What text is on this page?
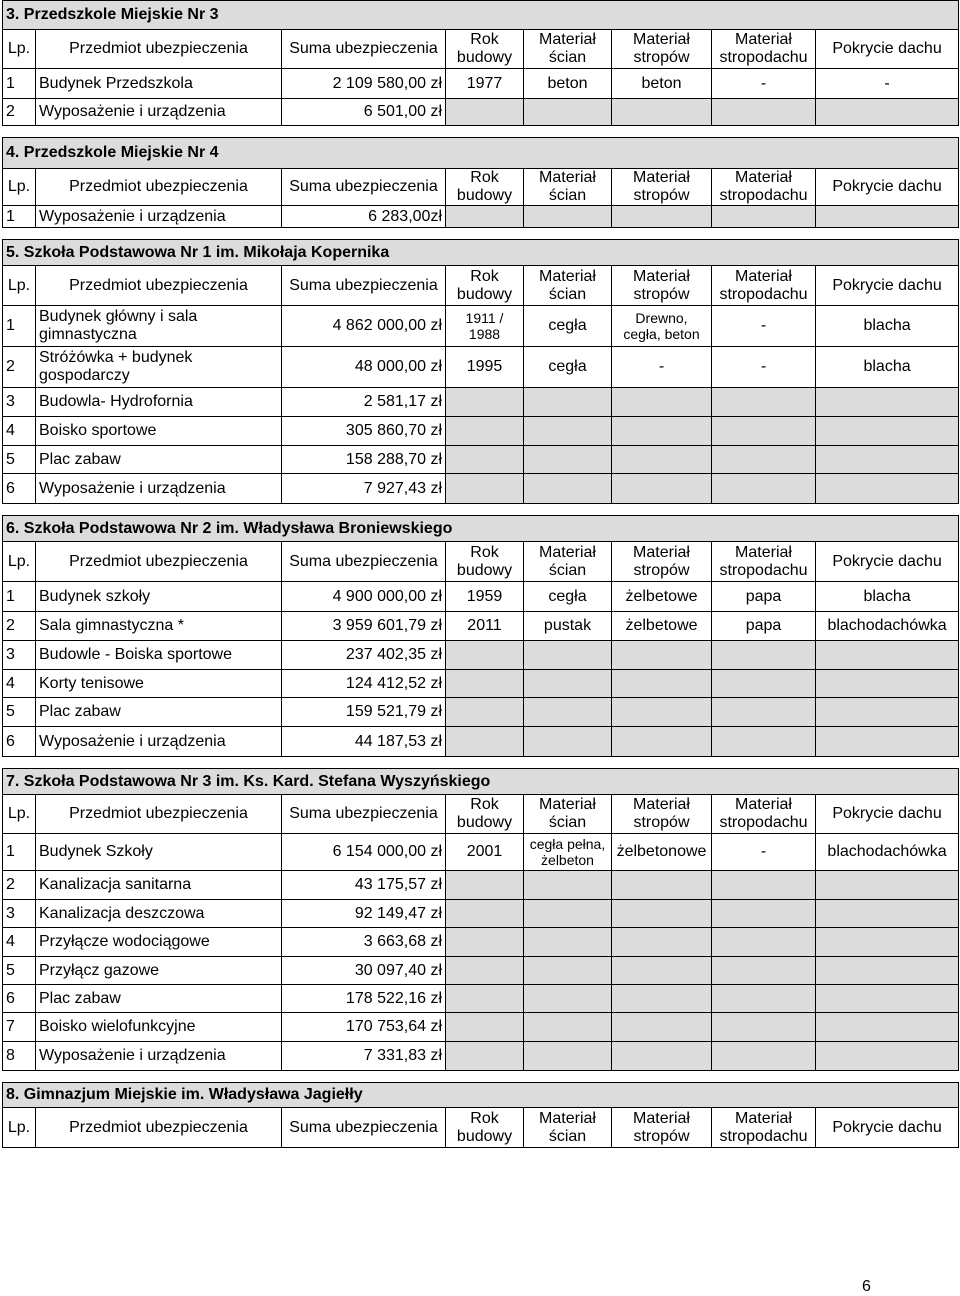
3. Przedszkole Miejskie Nr 3							
Lp.	Przedmiot ubezpieczenia	Suma ubezpieczenia	Rok budowy	Materiał ścian	Materiał stropów	Materiał stropodachu	Pokrycie dachu
1	Budynek Przedszkola	2 109 580,00 zł	1977	beton	beton	-	-
2	Wyposażenie i urządzenia	6 501,00 zł					
4. Przedszkole Miejskie Nr 4							
Lp.	Przedmiot ubezpieczenia	Suma ubezpieczenia	Rok budowy	Materiał ścian	Materiał stropów	Materiał stropodachu	Pokrycie dachu
1	Wyposażenie i urządzenia	6 283,00zł					
5. Szkoła Podstawowa Nr 1 im. Mikołaja Kopernika							
Lp.	Przedmiot ubezpieczenia	Suma ubezpieczenia	Rok budowy	Materiał ścian	Materiał stropów	Materiał stropodachu	Pokrycie dachu
1	Budynek główny i sala gimnastyczna	4 862 000,00 zł	1911 / 1988	cegła	Drewno, cegła, beton	-	blacha
2	Stróżówka + budynek gospodarczy	48 000,00 zł	1995	cegła	-	-	blacha
3	Budowla- Hydrofornia	2 581,17 zł					
4	Boisko sportowe	305 860,70 zł					
5	Plac zabaw	158 288,70 zł					
6	Wyposażenie i urządzenia	7 927,43 zł					
6. Szkoła Podstawowa Nr 2 im. Władysława Broniewskiego							
Lp.	Przedmiot ubezpieczenia	Suma ubezpieczenia	Rok budowy	Materiał ścian	Materiał stropów	Materiał stropodachu	Pokrycie dachu
1	Budynek szkoły	4 900 000,00 zł	1959	cegła	żelbetowe	papa	blacha
2	Sala gimnastyczna *	3 959 601,79 zł	2011	pustak	żelbetowe	papa	blachodachówka
3	Budowle - Boiska sportowe	237 402,35 zł					
4	Korty tenisowe	124 412,52 zł					
5	Plac zabaw	159 521,79 zł					
6	Wyposażenie i urządzenia	44 187,53 zł					
7. Szkoła Podstawowa Nr 3 im. Ks. Kard. Stefana Wyszyńskiego							
Lp.	Przedmiot ubezpieczenia	Suma ubezpieczenia	Rok budowy	Materiał ścian	Materiał stropów	Materiał stropodachu	Pokrycie dachu
1	Budynek Szkoły	6 154 000,00 zł	2001	cegła pełna, żelbeton	żelbetonowe	-	blachodachówka
2	Kanalizacja sanitarna	43 175,57 zł					
3	Kanalizacja deszczowa	92 149,47 zł					
4	Przyłącze wodociągowe	3 663,68 zł					
5	Przyłącz gazowe	30 097,40 zł					
6	Plac zabaw	178 522,16 zł					
7	Boisko wielofunkcyjne	170 753,64 zł					
8	Wyposażenie i urządzenia	7 331,83 zł					
8. Gimnazjum Miejskie im. Władysława Jagiełły
Lp.	Przedmiot ubezpieczenia	Suma ubezpieczenia	Rok budowy	Materiał ścian	Materiał stropów	Materiał stropodachu	Pokrycie dachu
6
